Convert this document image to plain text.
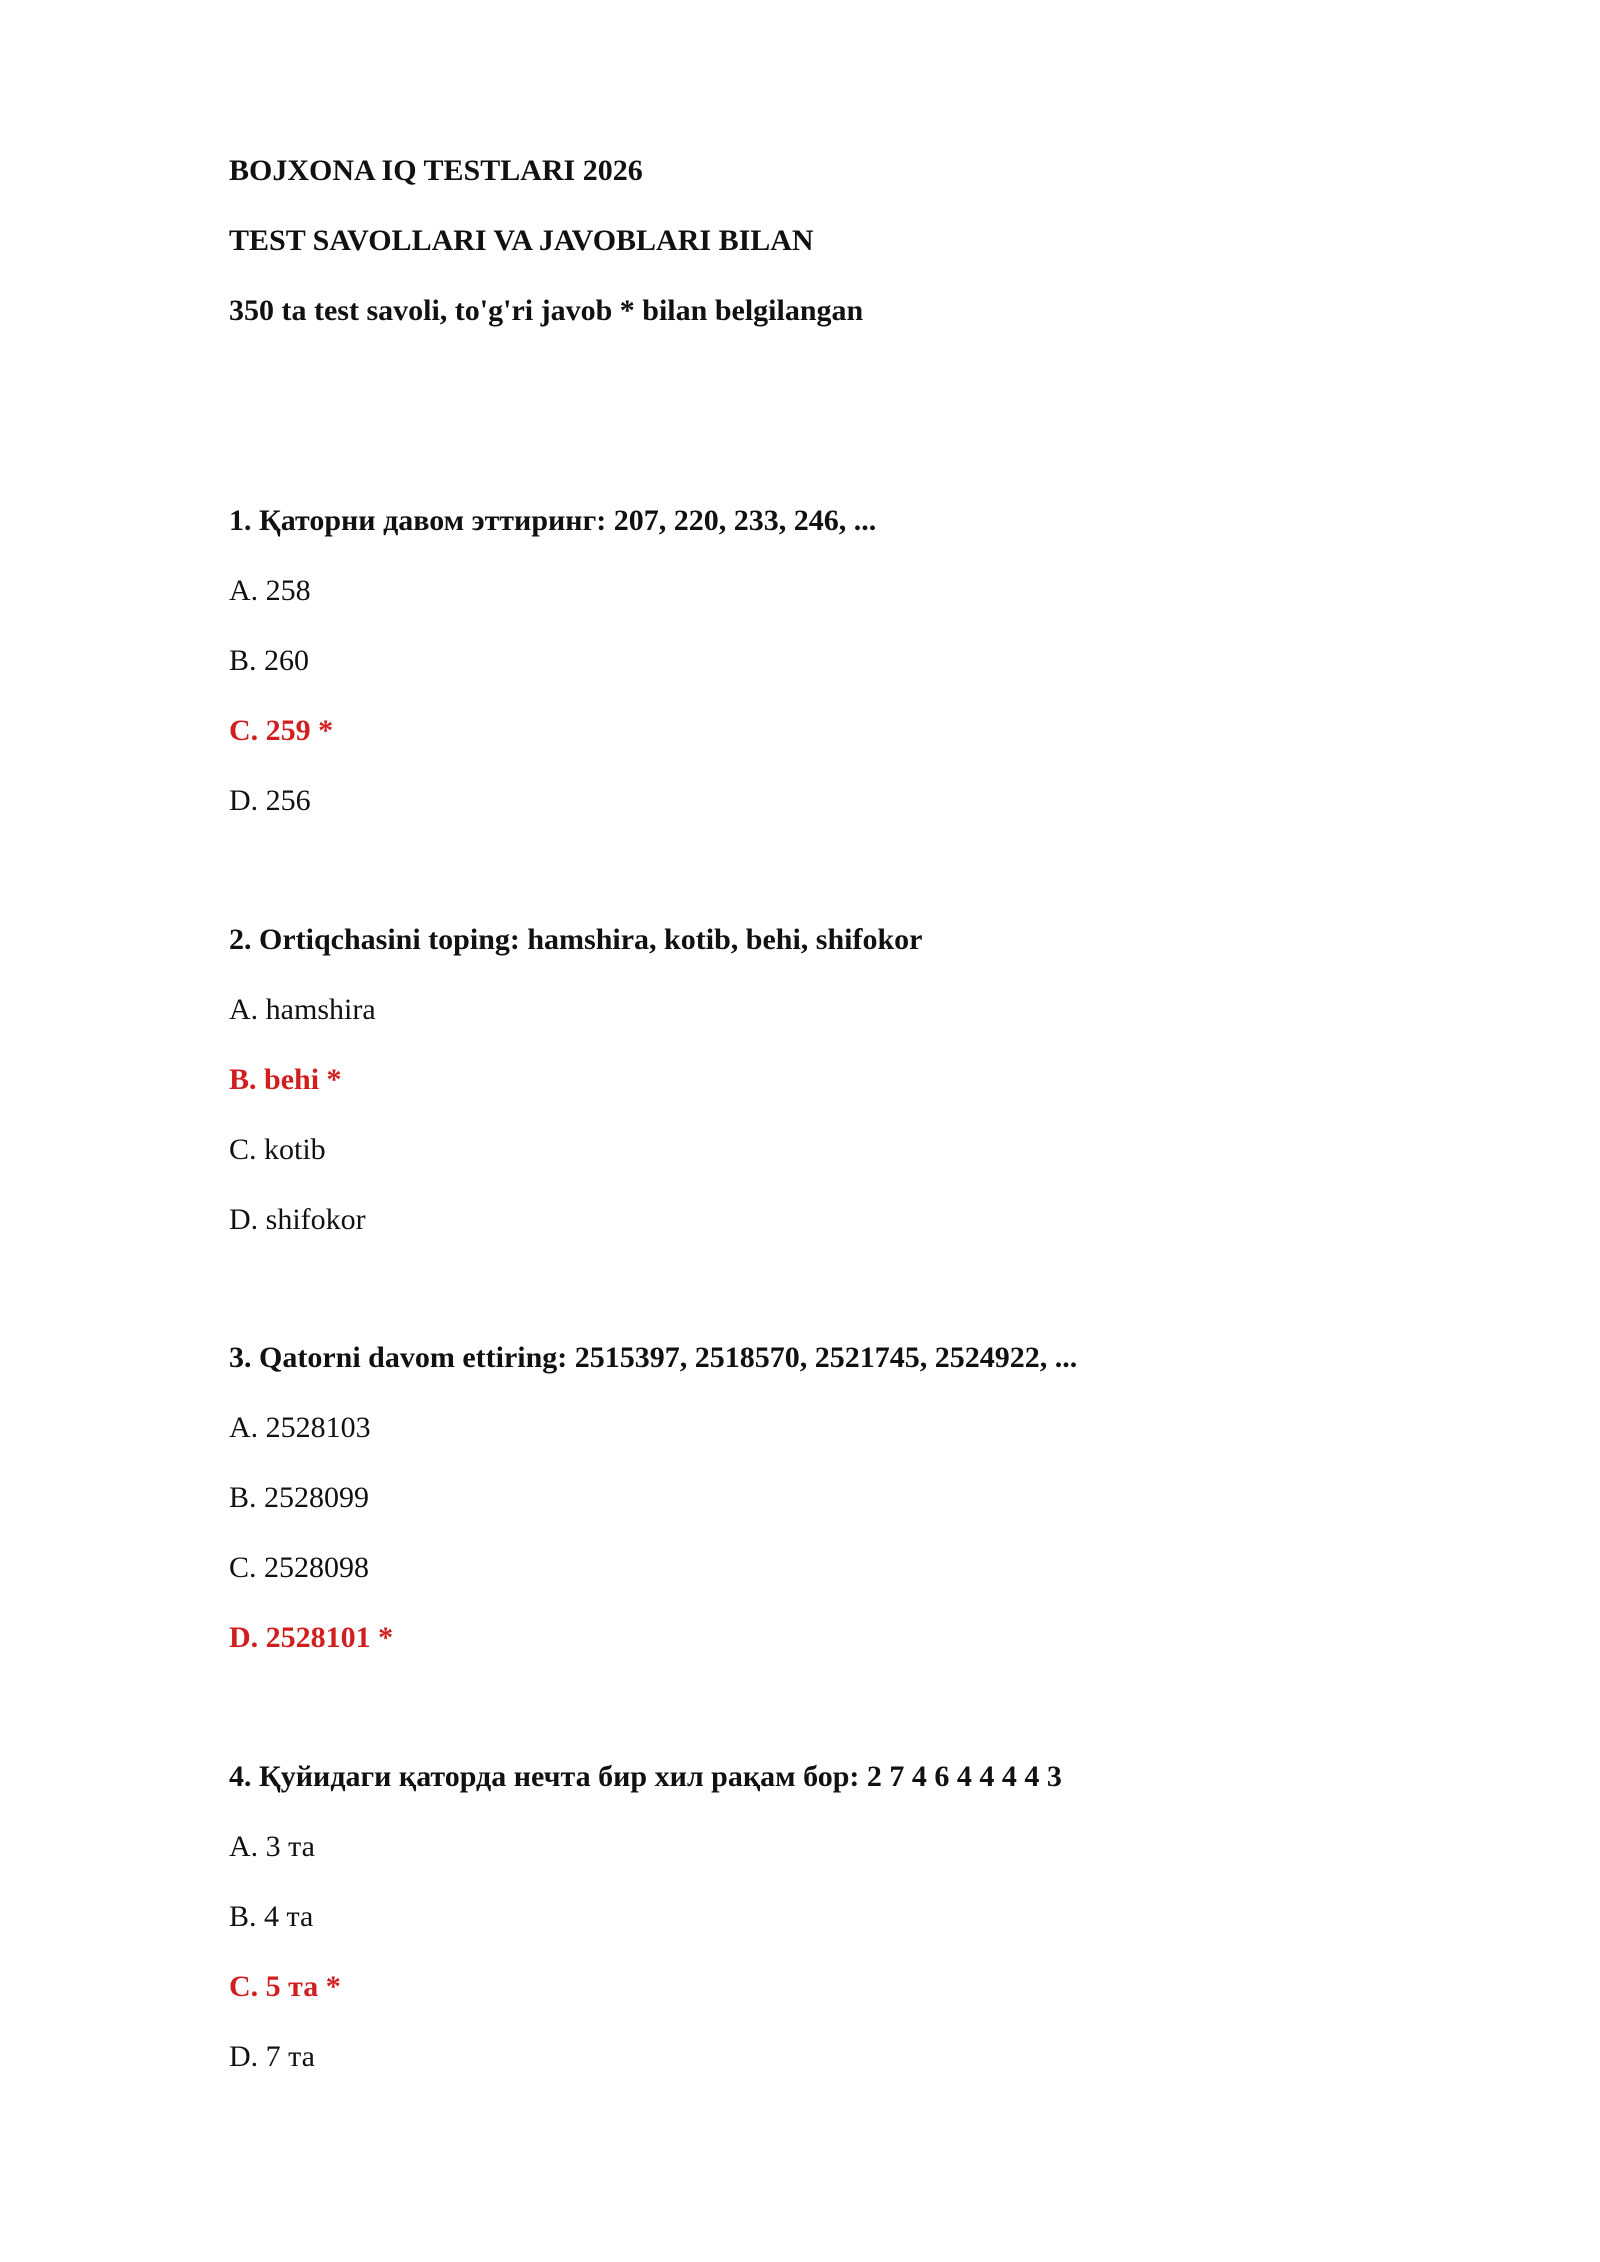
BOJXONA IQ TESTLARI 2026
TEST SAVOLLARI VA JAVOBLARI BILAN
350 ta test savoli, to'g'ri javob * bilan belgilangan
1. Қаторни давом эттиринг: 207, 220, 233, 246, ...
A. 258
B. 260
C. 259 *
D. 256
2. Ortiqchasini toping: hamshira, kotib, behi, shifokor
A. hamshira
B. behi *
C. kotib
D. shifokor
3. Qatorni davom ettiring: 2515397, 2518570, 2521745, 2524922, ...
A. 2528103
B. 2528099
C. 2528098
D. 2528101 *
4. Қуйидаги қаторда нечта бир хил рақам бор: 2 7 4 6 4 4 4 4 3
A. 3 та
B. 4 та
C. 5 та *
D. 7 та
